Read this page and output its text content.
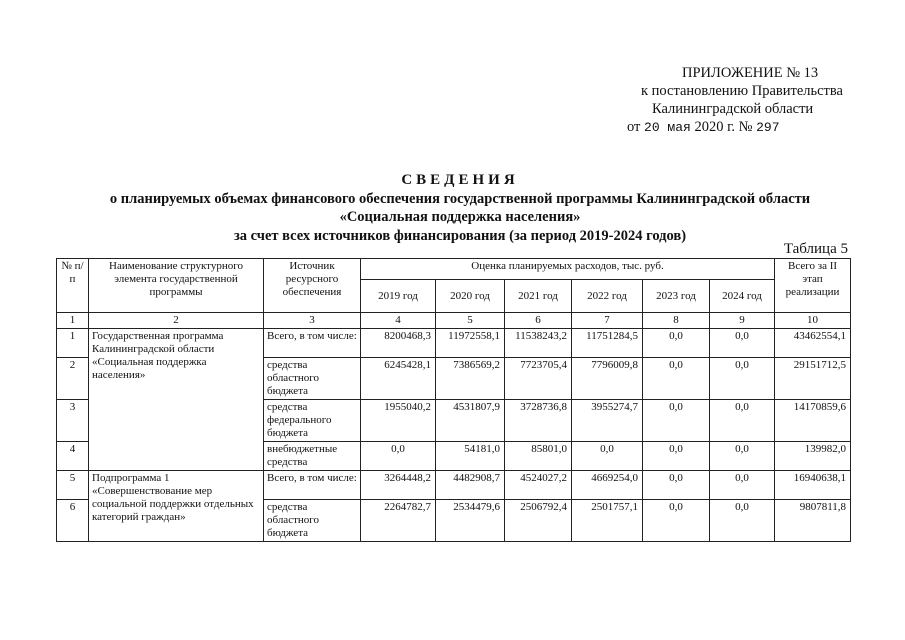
ПРИЛОЖЕНИЕ № 13
к постановлению Правительства
Калининградской области
от 20 мая 2020 г. № 297
СВЕДЕНИЯ
о планируемых объемах финансового обеспечения государственной программы Калининградской области
«Социальная поддержка населения»
за счет всех источников финансирования (за период 2019-2024 годов)
Таблица 5
№ п/п	Наименование структурного элемента государственной программы	Источник ресурсного обеспечения	Оценка планируемых расходов, тыс. руб.						Всего за II этап реализации
			2019 год	2020 год	2021 год	2022 год	2023 год	2024 год	
1	2	3	4	5	6	7	8	9	10
1	Государственная программа Калининградской области «Социальная поддержка населения»	Всего, в том числе:	8200468,3	11972558,1	11538243,2	11751284,5	0,0	0,0	43462554,1
2		средства областного бюджета	6245428,1	7386569,2	7723705,4	7796009,8	0,0	0,0	29151712,5
3		средства федерального бюджета	1955040,2	4531807,9	3728736,8	3955274,7	0,0	0,0	14170859,6
4		внебюджетные средства	0,0	54181,0	85801,0	0,0	0,0	0,0	139982,0
5	Подпрограмма 1 «Совершенствование мер социальной поддержки отдельных категорий граждан»	Всего, в том числе:	3264448,2	4482908,7	4524027,2	4669254,0	0,0	0,0	16940638,1
6		средства областного бюджета	2264782,7	2534479,6	2506792,4	2501757,1	0,0	0,0	9807811,8
